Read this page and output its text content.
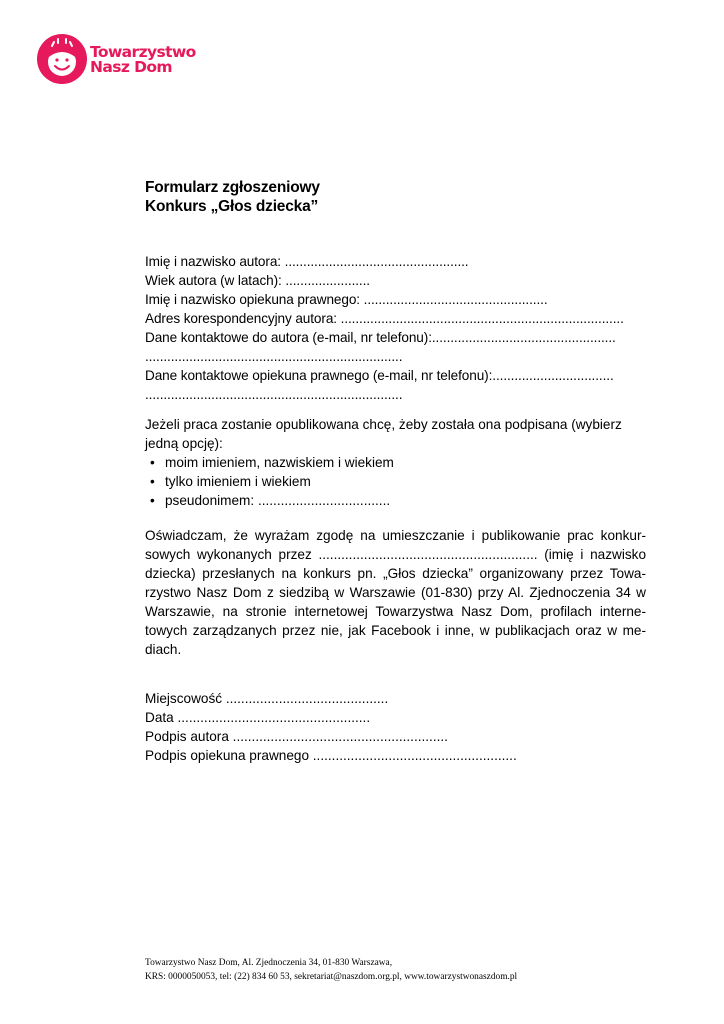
Towarzystwo
Nasz Dom
Formularz zgłoszeniowy
Konkurs „Głos dziecka”
Imię i nazwisko autora: ..................................................
Wiek autora (w latach): .......................
Imię i nazwisko opiekuna prawnego: ..................................................
Adres korespondencyjny autora: .............................................................................
Dane kontaktowe do autora (e-mail, nr telefonu):..................................................
......................................................................
Dane kontaktowe opiekuna prawnego (e-mail, nr telefonu):.................................
......................................................................
Jeżeli praca zostanie opublikowana chcę, żeby została ona podpisana (wybierz jedną opcję):
• moim imieniem, nazwiskiem i wiekiem
• tylko imieniem i wiekiem
• pseudonimem: ...................................
Oświadczam, że wyrażam zgodę na umieszczanie i publikowanie prac konkur-sowych wykonanych przez .......................................................... (imię i nazwisko dziecka) przesłanych na konkurs pn. „Głos dziecka” organizowany przez Towa-rzystwo Nasz Dom z siedzibą w Warszawie (01-830) przy Al. Zjednoczenia 34 w Warszawie, na stronie internetowej Towarzystwa Nasz Dom, profilach interne-towych zarządzanych przez nie, jak Facebook i inne, w publikacjach oraz w me-diach.
Miejscowość ...........................................
Data ...................................................
Podpis autora .........................................................
Podpis opiekuna prawnego ......................................................
Towarzystwo Nasz Dom, Al. Zjednoczenia 34, 01-830 Warszawa,
KRS: 0000050053, tel: (22) 834 60 53, sekretariat@naszdom.org.pl, www.towarzystwonaszdom.pl
